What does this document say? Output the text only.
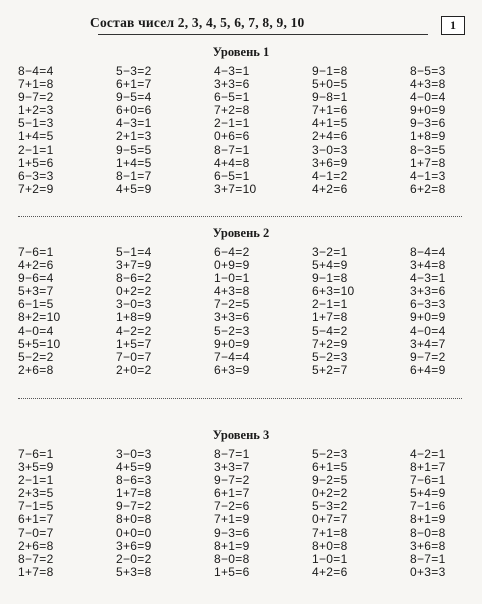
Состав чисел 2, 3, 4, 5, 6, 7, 8, 9, 10	1
Уровень 1
8−4=4
7+1=8
9−7=2
1+2=3
5−1=3
1+4=5
2−1=1
1+5=6
6−3=3
7+2=9
5−3=2
6+1=7
9−5=4
6+0=6
4−3=1
2+1=3
9−5=5
1+4=5
8−1=7
4+5=9
4−3=1
3+3=6
6−5=1
7+2=8
2−1=1
0+6=6
8−7=1
4+4=8
6−5=1
3+7=10
9−1=8
5+0=5
9−8=1
7+1=6
4+1=5
2+4=6
3−0=3
3+6=9
4−1=2
4+2=6
8−5=3
4+3=8
4−0=4
9+0=9
9−3=6
1+8=9
8−3=5
1+7=8
4−1=3
6+2=8
Уровень 2
7−6=1
4+2=6
9−6=4
5+3=7
6−1=5
8+2=10
4−0=4
5+5=10
5−2=2
2+6=8
5−1=4
3+7=9
8−6=2
0+2=2
3−0=3
1+8=9
4−2=2
1+5=7
7−0=7
2+0=2
6−4=2
0+9=9
1−0=1
4+3=8
7−2=5
3+3=6
5−2=3
9+0=9
7−4=4
6+3=9
3−2=1
5+4=9
9−1=8
6+3=10
2−1=1
1+7=8
5−4=2
7+2=9
5−2=3
5+2=7
8−4=4
3+4=8
4−3=1
3+3=6
6−3=3
9+0=9
4−0=4
3+4=7
9−7=2
6+4=9
Уровень 3
7−6=1
3+5=9
2−1=1
2+3=5
7−1=5
6+1=7
7−0=7
2+6=8
8−7=2
1+7=8
3−0=3
4+5=9
8−6=3
1+7=8
9−7=2
8+0=8
0+0=0
3+6=9
2−0=2
5+3=8
8−7=1
3+3=7
9−7=2
6+1=7
7−2=6
7+1=9
9−3=6
8+1=9
8−0=8
1+5=6
5−2=3
6+1=5
9−2=5
0+2=2
5−3=2
0+7=7
7+1=8
8+0=8
1−0=1
4+2=6
4−2=1
8+1=7
7−6=1
5+4=9
7−1=6
8+1=9
8−0=8
3+6=8
8−7=1
0+3=3
